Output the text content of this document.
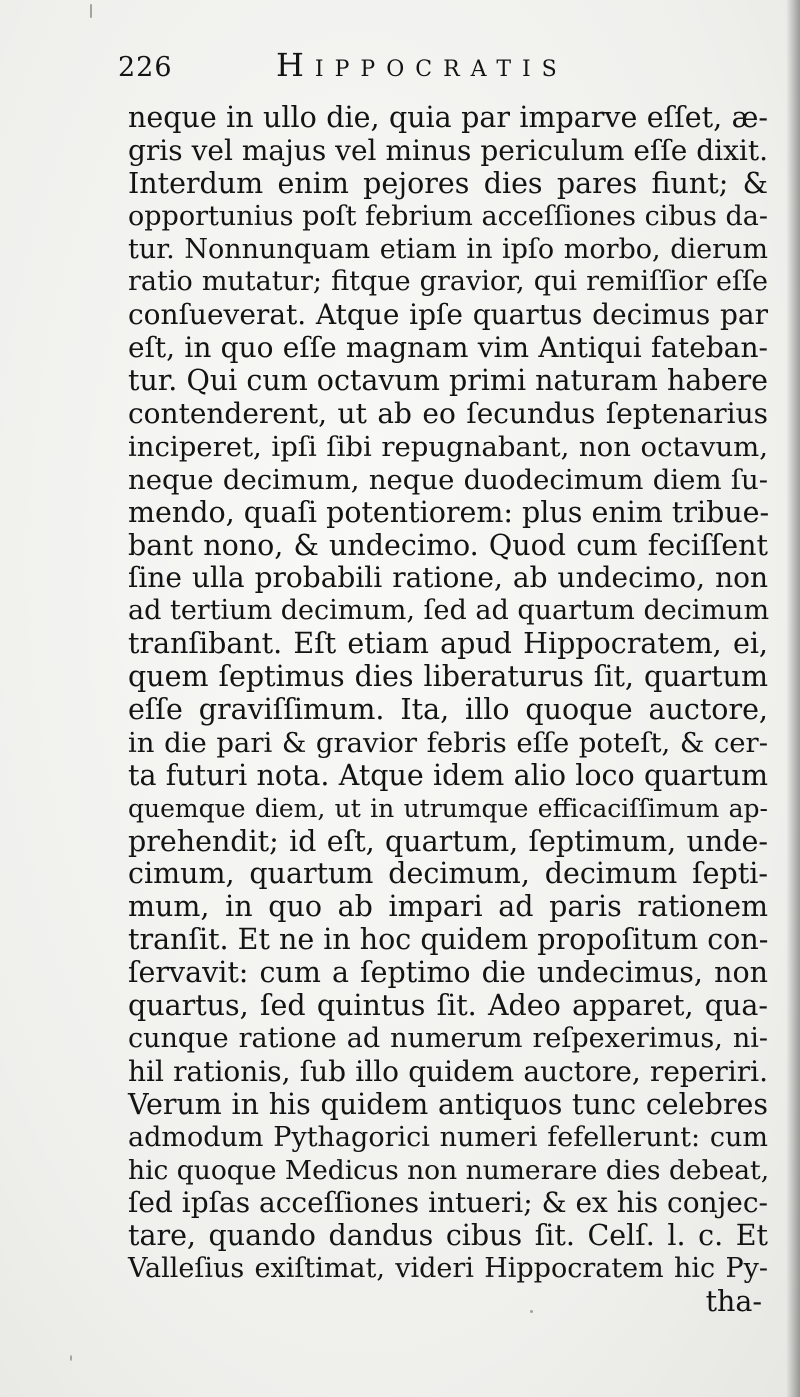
226	Hippocratis
neque in ullo die, quia par imparve eſſet, æ-
gris vel majus vel minus periculum eſſe dixit.
Interdum enim pejores dies pares fiunt; &
opportunius poſt febrium acceſſiones cibus da-
tur. Nonnunquam etiam in ipſo morbo, dierum
ratio mutatur; fitque gravior, qui remiſſior eſſe
conſueverat. Atque ipſe quartus decimus par
eſt, in quo eſſe magnam vim Antiqui fateban-
tur. Qui cum octavum primi naturam habere
contenderent, ut ab eo ſecundus ſeptenarius
inciperet, ipſi ſibi repugnabant, non octavum,
neque decimum, neque duodecimum diem ſu-
mendo, quaſi potentiorem: plus enim tribue-
bant nono, & undecimo. Quod cum feciſſent
ſine ulla probabili ratione, ab undecimo, non
ad tertium decimum, ſed ad quartum decimum
tranſibant. Eſt etiam apud Hippocratem, ei,
quem ſeptimus dies liberaturus ſit, quartum
eſſe graviſſimum. Ita, illo quoque auctore,
in die pari & gravior febris eſſe poteſt, & cer-
ta futuri nota. Atque idem alio loco quartum
quemque diem, ut in utrumque efficaciſſimum ap-
prehendit; id eſt, quartum, ſeptimum, unde-
cimum, quartum decimum, decimum ſepti-
mum, in quo ab impari ad paris rationem
tranſit. Et ne in hoc quidem propoſitum con-
ſervavit: cum a ſeptimo die undecimus, non
quartus, ſed quintus ſit. Adeo apparet, qua-
cunque ratione ad numerum reſpexerimus, ni-
hil rationis, ſub illo quidem auctore, reperiri.
Verum in his quidem antiquos tunc celebres
admodum Pythagorici numeri fefellerunt: cum
hic quoque Medicus non numerare dies debeat,
ſed ipſas acceſſiones intueri; & ex his conjec-
tare, quando dandus cibus ſit. Celſ. l. c. Et
Valleſius exiſtimat, videri Hippocratem hic Py-
tha-
